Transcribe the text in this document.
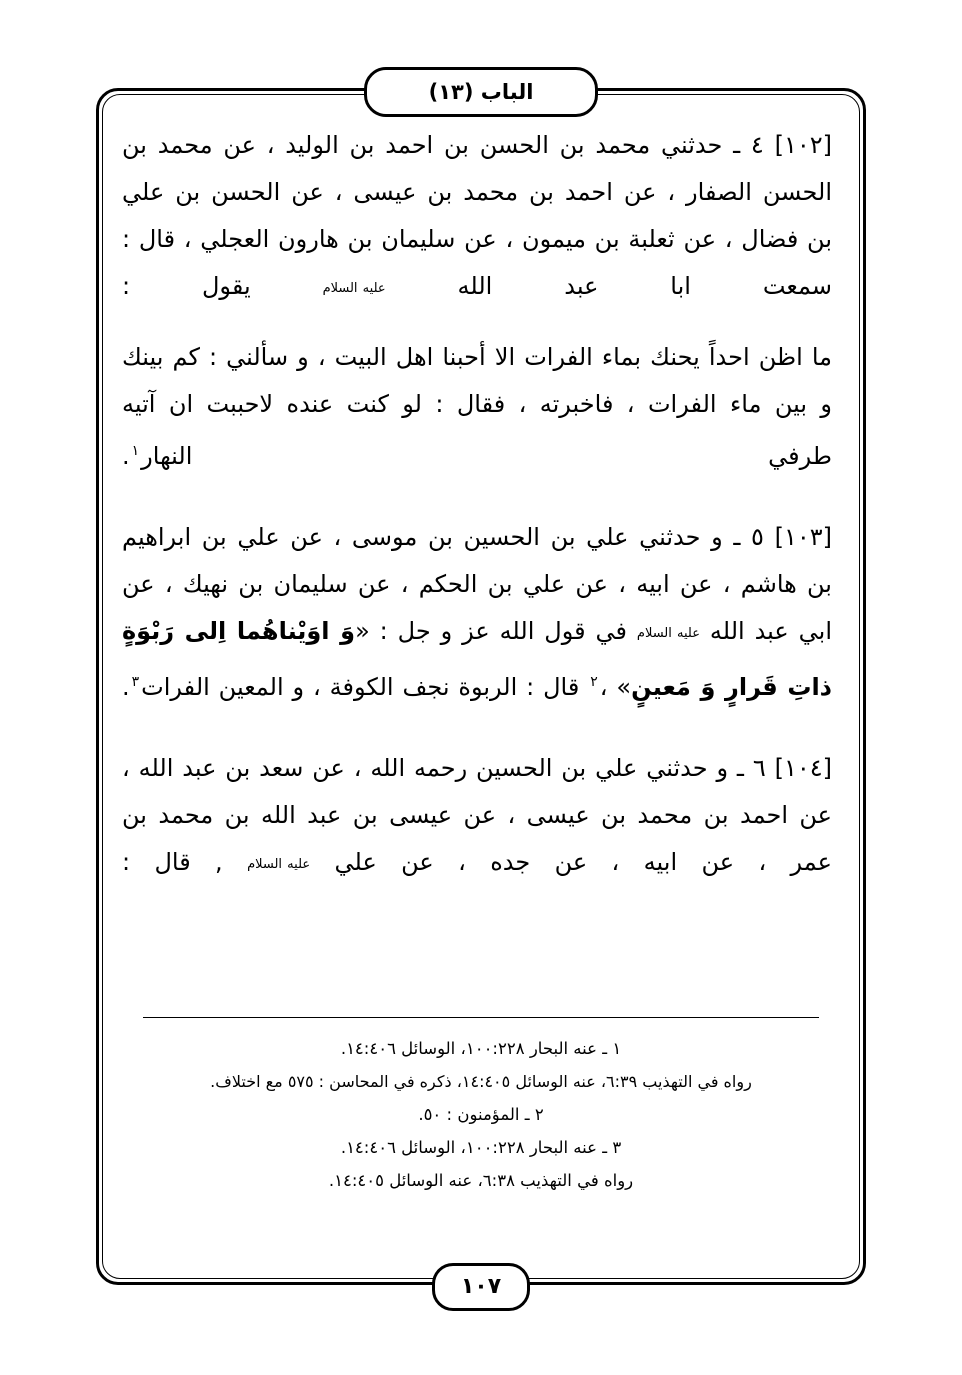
الباب (١٣)

[١٠٢] ٤ ـ حدثني محمد بن الحسن بن احمد بن الوليد ، عن محمد بن الحسن الصفار ، عن احمد بن محمد بن عيسى ، عن الحسن بن علي بن فضال ، عن ثعلبة بن ميمون ، عن سليمان بن هارون العجلي ، قال : سمعت ابا عبد الله عليه السلام يقول :

ما اظن احداً يحنك بماء الفرات الا أحبنا اهل البيت ، و سألني : كم بينك و بين ماء الفرات ، فاخبرته ، فقال : لو كنت عنده لاحببت ان آتيه طرفي النهار$^١$.

[١٠٣] ٥ ـ و حدثني علي بن الحسين بن موسى ، عن علي بن ابراهيم بن هاشم ، عن ابيه ، عن علي بن الحكم ، عن سليمان بن نهيك ، عن ابي عبد الله عليه السلام في قول الله عز و جل : «وَ اوَيْناهُما اِلى رَبْوَةٍ ذاتِ قَرارٍ وَ مَعينٍ» ،$^٢$ قال : الربوة نجف الكوفة ، و المعين الفرات$^٣$.

[١٠٤] ٦ ـ و حدثني علي بن الحسين رحمه الله ، عن سعد بن عبد الله ، عن احمد بن محمد بن عيسى ، عن عيسى بن عبد الله بن محمد بن عمر ، عن ابيه ، عن جده ، عن علي عليه السلام , قال :

١ ـ عنه البحار ١٠٠:٢٢٨، الوسائل ١٤:٤٠٦.
رواه في التهذيب ٦:٣٩، عنه الوسائل ١٤:٤٠٥، ذكره في المحاسن : ٥٧٥ مع اختلاف.
٢ ـ المؤمنون : ٥٠.
٣ ـ عنه البحار ١٠٠:٢٢٨، الوسائل ١٤:٤٠٦.
رواه في التهذيب ٦:٣٨، عنه الوسائل ١٤:٤٠٥.
١٠٧
